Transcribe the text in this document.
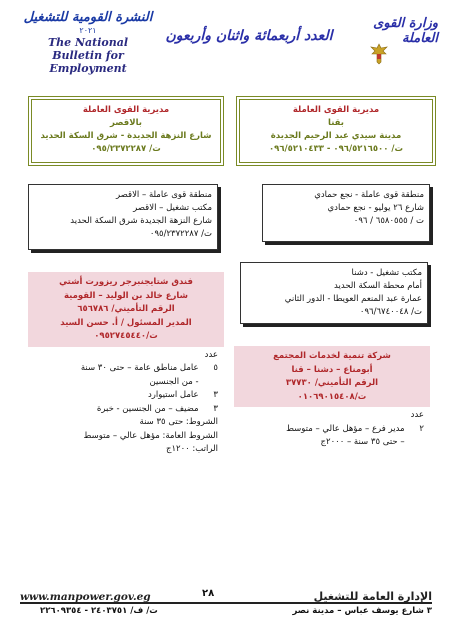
النشرة القومية للتشغيل
٢٠٢١
The National
Bulletin for Employment
العدد أربعمائة واثنان وأربعون
وزارة القوى العاملة
مديرية القوى العاملة
بقنا
مدينة سيدي عبد الرحيم الجديدة
ت/ ٠٩٦/٥٢١٦٥٠٠ - ٠٩٦/٥٢١٠٤٣٣
مديرية القوى العاملة
بالاقصر
شارع النزهة الجديدة - شرق السكة الحديد
ت/ ٠٩٥/٢٣٧٢٢٨٧
منطقة قوى عاملة - نجع حمادي
شارع ٢٦ يوليو - نجع حمادي
ت / ٦٥٨٠٥٥٥ / ٠٩٦
منطقة قوى عاملة – الاقصر
مكتب تشغيل – الاقصر
شارع النزهة الجديدة شرق السكة الحديد
ت/ ٠٩٥/٢٣٧٢٢٨٧
مكتب تشغيل - دشنا
أمام محطة السكة الحديد
عمارة عبد المنعم العويطا - الدور الثاني
ت/ ٠٩٦/٦٧٤٠٠٤٨
فندق شتايجنبرجر ريزورت أشتي
شارع خالد بن الوليد – القومية
الرقم التأميني/ ٦٥٦٧٨٦
المدير المسئول / أ. حسن السيد
ت/٠٩٥٢٧٤٥٤٤٠
عدد
٥

عامل مناطق عامة – حتى ٣٠ سنة

- من الجنسين
٣

عامل استيوارد
٣

مضيف – من الجنسين - خبرة
الشروط: حتى ٣٥ سنة
الشروط العامة: مؤهل عالي – متوسط
الراتب: ١٢٠٠ج
شركة تنمية لخدمات المجتمع
أبومناع – دشنا – قنا
الرقم التأميني/ ٣٧٧٣٠
ت/٠١٠٦٩٠١٥٤٠٨
عدد
٢

مدير فرع – مؤهل عالي – متوسط

– حتى ٣٥ سنة – ٢٠٠٠ج
www.manpower.gov.eg	٢٨	الإدارة العامة للتشغيل
٣ شارع يوسف عباس – مدينة نصر
ت/ ف/ ٢٤٠٣٧٥١ - ٢٢٦٠٩٣٥٤
